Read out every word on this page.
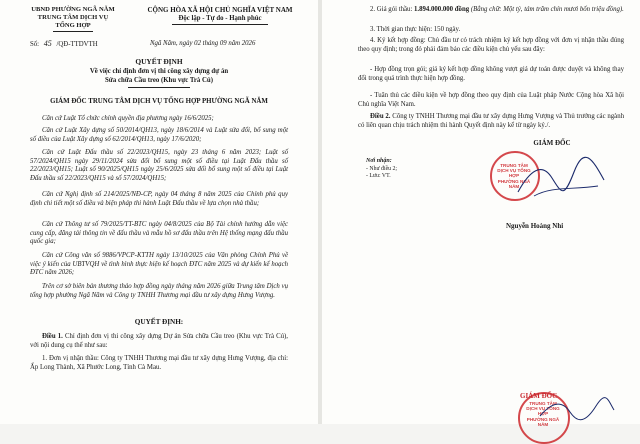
UBND PHƯỜNG NGÃ NĂM
TRUNG TÂM DỊCH VỤ
TỔNG HỢP
CỘNG HÒA XÃ HỘI CHỦ NGHĨA VIỆT NAM
Độc lập - Tự do - Hạnh phúc
Số: 45 /QĐ-TTDVTH	Ngã Năm, ngày 02 tháng 09 năm 2026
QUYẾT ĐỊNH
Về việc chỉ định đơn vị thi công xây dựng dự án
Sửa chữa Cầu treo (Khu vực Trà Cú)
GIÁM ĐỐC TRUNG TÂM DỊCH VỤ TỔNG HỢP PHƯỜNG NGÃ NĂM
Căn cứ Luật Tổ chức chính quyền địa phương ngày 16/6/2025;
Căn cứ Luật Xây dựng số 50/2014/QH13, ngày 18/6/2014 và Luật sửa đổi, bổ sung một số điều của Luật Xây dựng số 62/2014/QH13, ngày 17/6/2020;
Căn cứ Luật Đấu thầu số 22/2023/QH15, ngày 23 tháng 6 năm 2023; Luật số 57/2024/QH15 ngày 29/11/2024 sửa đổi bổ sung một số điều tại Luật Đấu thầu số 22/2023/QH15; Luật số 90/2025/QH15 ngày 25/6/2025 sửa đổi bổ sung một số điều tại Luật Đấu thầu số 22/2023/QH15 và số 57/2024/QH15;
Căn cứ Nghị định số 214/2025/NĐ-CP, ngày 04 tháng 8 năm 2025 của Chính phủ quy định chi tiết một số điều và biện pháp thi hành Luật Đấu thầu về lựa chọn nhà thầu;
Căn cứ Thông tư số 79/2025/TT-BTC ngày 04/8/2025 của Bộ Tài chính hướng dẫn việc cung cấp, đăng tải thông tin về đấu thầu và mẫu hồ sơ đấu thầu trên Hệ thống mạng đấu thầu quốc gia;
Căn cứ Công văn số 9886/VPCP-KTTH ngày 13/10/2025 của Văn phòng Chính Phủ về việc ý kiến của UBTVQH về tình hình thực hiện kế hoạch ĐTC năm 2025 và dự kiến kế hoạch ĐTC năm 2026;
Trên cơ sở biên bản thương thảo hợp đồng ngày tháng năm 2026 giữa Trung tâm Dịch vụ tổng hợp phường Ngã Năm và Công ty TNHH Thương mại đầu tư xây dựng Hưng Vượng.
QUYẾT ĐỊNH:
Điều 1. Chỉ định đơn vị thi công xây dựng Dự án Sửa chữa Cầu treo (Khu vực Trà Cú), với nội dung cụ thể như sau:
1. Đơn vị nhận thầu: Công ty TNHH Thương mại đầu tư xây dựng Hưng Vượng, địa chỉ: Ấp Long Thành, Xã Phước Long, Tỉnh Cà Mau.
2. Giá gói thầu: 1.894.000.000 đồng (Bằng chữ: Một tỷ, tám trăm chín mươi bốn triệu đồng).
3. Thời gian thực hiện: 150 ngày.
4. Ký kết hợp đồng: Chủ đầu tư có trách nhiệm ký kết hợp đồng với đơn vị nhận thầu đúng theo quy định; trong đó phải đảm bảo các điều kiện chủ yếu sau đây:
- Hợp đồng trọn gói; giá ký kết hợp đồng không vượt giá dự toán được duyệt và không thay đổi trong quá trình thực hiện hợp đồng.
- Tuân thủ các điều kiện về hợp đồng theo quy định của Luật pháp Nước Cộng hòa Xã hội Chủ nghĩa Việt Nam.
Điều 2. Công ty TNHH Thương mại đầu tư xây dựng Hưng Vượng và Thủ trưởng các ngành có liên quan chịu trách nhiệm thi hành Quyết định này kể từ ngày ký./.
GIÁM ĐỐC
Nơi nhận:
- Như điều 2;
- Lưu: VT.
TRUNG TÂM
DỊCH VỤ TỔNG HỢP
PHƯỜNG NGÃ NĂM
Nguyễn Hoàng Nhi
GIÁM ĐỐC
TRUNG TÂM
DỊCH VỤ TỔNG HỢP
PHƯỜNG NGÃ NĂM
